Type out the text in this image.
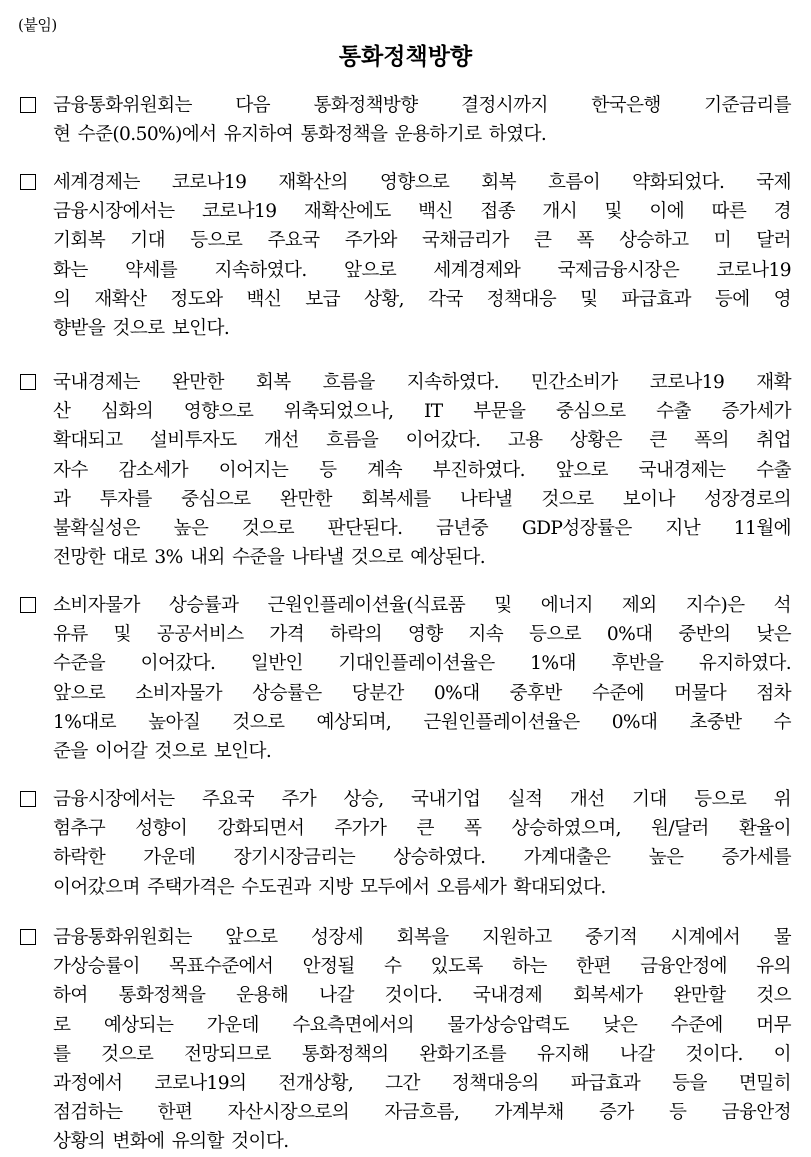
(붙임)
통화정책방향
금융통화위원회는 다음 통화정책방향 결정시까지 한국은행 기준금리를
현 수준(0.50%)에서 유지하여 통화정책을 운용하기로 하였다.
세계경제는 코로나19 재확산의 영향으로 회복 흐름이 약화되었다. 국제
금융시장에서는 코로나19 재확산에도 백신 접종 개시 및 이에 따른 경
기회복 기대 등으로 주요국 주가와 국채금리가 큰 폭 상승하고 미 달러
화는 약세를 지속하였다. 앞으로 세계경제와 국제금융시장은 코로나19
의 재확산 정도와 백신 보급 상황, 각국 정책대응 및 파급효과 등에 영
향받을 것으로 보인다.
국내경제는 완만한 회복 흐름을 지속하였다. 민간소비가 코로나19 재확
산 심화의 영향으로 위축되었으나, IT 부문을 중심으로 수출 증가세가
확대되고 설비투자도 개선 흐름을 이어갔다. 고용 상황은 큰 폭의 취업
자수 감소세가 이어지는 등 계속 부진하였다. 앞으로 국내경제는 수출
과 투자를 중심으로 완만한 회복세를 나타낼 것으로 보이나 성장경로의
불확실성은 높은 것으로 판단된다. 금년중 GDP성장률은 지난 11월에
전망한 대로 3% 내외 수준을 나타낼 것으로 예상된다.
소비자물가 상승률과 근원인플레이션율(식료품 및 에너지 제외 지수)은 석
유류 및 공공서비스 가격 하락의 영향 지속 등으로 0%대 중반의 낮은
수준을 이어갔다. 일반인 기대인플레이션율은 1%대 후반을 유지하였다.
앞으로 소비자물가 상승률은 당분간 0%대 중후반 수준에 머물다 점차
1%대로 높아질 것으로 예상되며, 근원인플레이션율은 0%대 초중반 수
준을 이어갈 것으로 보인다.
금융시장에서는 주요국 주가 상승, 국내기업 실적 개선 기대 등으로 위
험추구 성향이 강화되면서 주가가 큰 폭 상승하였으며, 원/달러 환율이
하락한 가운데 장기시장금리는 상승하였다. 가계대출은 높은 증가세를
이어갔으며 주택가격은 수도권과 지방 모두에서 오름세가 확대되었다.
금융통화위원회는 앞으로 성장세 회복을 지원하고 중기적 시계에서 물
가상승률이 목표수준에서 안정될 수 있도록 하는 한편 금융안정에 유의
하여 통화정책을 운용해 나갈 것이다. 국내경제 회복세가 완만할 것으
로 예상되는 가운데 수요측면에서의 물가상승압력도 낮은 수준에 머무
를 것으로 전망되므로 통화정책의 완화기조를 유지해 나갈 것이다. 이
과정에서 코로나19의 전개상황, 그간 정책대응의 파급효과 등을 면밀히
점검하는 한편 자산시장으로의 자금흐름, 가계부채 증가 등 금융안정
상황의 변화에 유의할 것이다.
